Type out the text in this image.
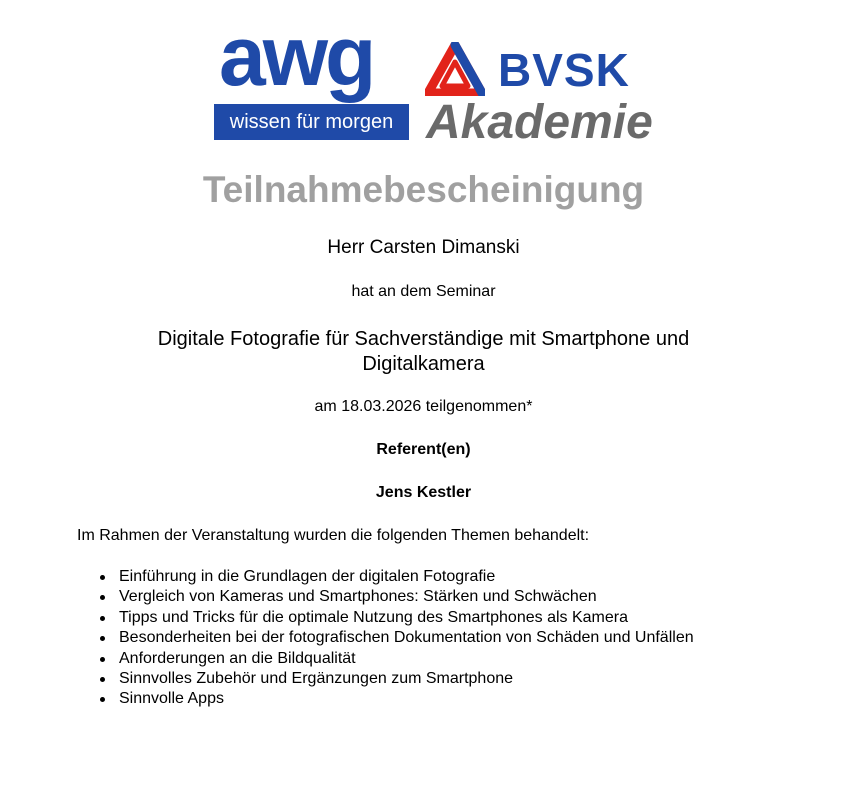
awg
wissen für morgen
BVSK
Akademie
Teilnahmebescheinigung
Herr Carsten Dimanski
hat an dem Seminar
Digitale Fotografie für Sachverständige mit Smartphone und Digitalkamera
am 18.03.2026 teilgenommen*
Referent(en)
Jens Kestler
Im Rahmen der Veranstaltung wurden die folgenden Themen behandelt:
Einführung in die Grundlagen der digitalen Fotografie
Vergleich von Kameras und Smartphones: Stärken und Schwächen
Tipps und Tricks für die optimale Nutzung des Smartphones als Kamera
Besonderheiten bei der fotografischen Dokumentation von Schäden und Unfällen
Anforderungen an die Bildqualität
Sinnvolles Zubehör und Ergänzungen zum Smartphone
Sinnvolle Apps
